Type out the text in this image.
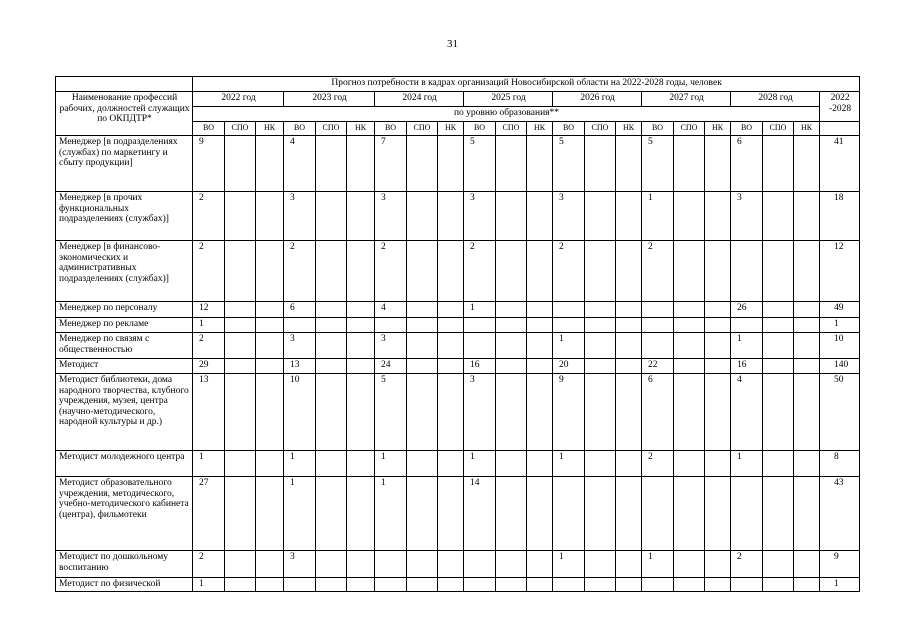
31
	Прогноз потребности в кадрах организаций Новосибирской области на 2022-2028 годы, человек																					
Наименование профессий рабочих, должностей служащих по ОКПДТР*	2022 год			2023 год			2024 год			2025 год			2026 год			2027 год			2028 год			2022 -2028
	по уровню образования**																					
	ВО	СПО	НК	ВО	СПО	НК	ВО	СПО	НК	ВО	СПО	НК	ВО	СПО	НК	ВО	СПО	НК	ВО	СПО	НК	
Менеджер [в подразделениях (службах) по маркетингу и сбыту продукции]	9			4			7			5			5			5			6			41
Менеджер [в прочих функциональных подразделениях (службах)]	2			3			3			3			3			1			3			18
Менеджер [в финансово-экономических и административных подразделениях (службах)]	2			2			2			2			2			2						12
Менеджер по персоналу	12			6			4			1									26			49
Менеджер по рекламе	1																					1
Менеджер по связям с общественностью	2			3			3						1						1			10
Методист	29			13			24			16			20			22			16			140
Методист библиотеки, дома народного творчества, клубного учреждения, музея, центра (научно-методического, народной культуры и др.)	13			10			5			3			9			6			4			50
Методист молодежного центра	1			1			1			1			1			2			1			8
Методист образовательного учреждения, методического, учебно-методического кабинета (центра), фильмотеки	27			1			1			14												43
Методист по дошкольному воспитанию	2			3									1			1			2			9
Методист по физической	1																					1
